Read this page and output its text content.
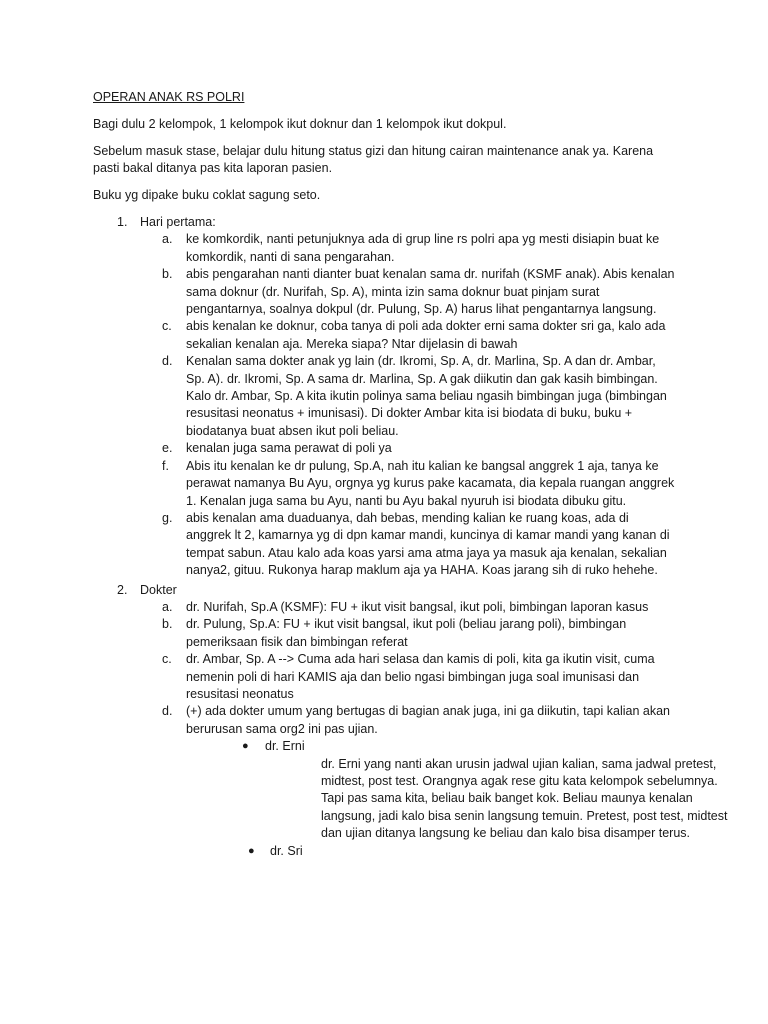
OPERAN ANAK RS POLRI

Bagi dulu 2 kelompok, 1 kelompok ikut doknur dan 1 kelompok ikut dokpul.

Sebelum masuk stase, belajar dulu hitung status gizi dan hitung cairan maintenance anak ya. Karena pasti bakal ditanya pas kita laporan pasien.

Buku yg dipake buku coklat sagung seto.

1. Hari pertama:
a. ke komkordik, nanti petunjuknya ada di grup line rs polri apa yg mesti disiapin buat ke komkordik, nanti di sana pengarahan.
b. abis pengarahan nanti dianter buat kenalan sama dr. nurifah (KSMF anak). Abis kenalan sama doknur (dr. Nurifah, Sp. A), minta izin sama doknur buat pinjam surat pengantarnya, soalnya dokpul (dr. Pulung, Sp. A) harus lihat pengantarnya langsung.
c. abis kenalan ke doknur, coba tanya di poli ada dokter erni sama dokter sri ga, kalo ada sekalian kenalan aja. Mereka siapa? Ntar dijelasin di bawah
d. Kenalan sama dokter anak yg lain (dr. Ikromi, Sp. A, dr. Marlina, Sp. A dan dr. Ambar, Sp. A). dr. Ikromi, Sp. A sama dr. Marlina, Sp. A gak diikutin dan gak kasih bimbingan. Kalo dr. Ambar, Sp. A kita ikutin polinya sama beliau ngasih bimbingan juga (bimbingan resusitasi neonatus + imunisasi). Di dokter Ambar kita isi biodata di buku, buku + biodatanya buat absen ikut poli beliau.
e. kenalan juga sama perawat di poli ya
f. Abis itu kenalan ke dr pulung, Sp.A, nah itu kalian ke bangsal anggrek 1 aja, tanya ke perawat namanya Bu Ayu, orgnya yg kurus pake kacamata, dia kepala ruangan anggrek 1. Kenalan juga sama bu Ayu, nanti bu Ayu bakal nyuruh isi biodata dibuku gitu.
g. abis kenalan ama duaduanya, dah bebas, mending kalian ke ruang koas, ada di anggrek lt 2, kamarnya yg di dpn kamar mandi, kuncinya di kamar mandi yang kanan di tempat sabun. Atau kalo ada koas yarsi ama atma jaya ya masuk aja kenalan, sekalian nanya2, gituu. Rukonya harap maklum aja ya HAHA. Koas jarang sih di ruko hehehe.
2. Dokter
a. dr. Nurifah, Sp.A (KSMF): FU + ikut visit bangsal, ikut poli, bimbingan laporan kasus
b. dr. Pulung, Sp.A: FU + ikut visit bangsal, ikut poli (beliau jarang poli), bimbingan pemeriksaan fisik dan bimbingan referat
c. dr. Ambar, Sp. A --> Cuma ada hari selasa dan kamis di poli, kita ga ikutin visit, cuma nemenin poli di hari KAMIS aja dan belio ngasi bimbingan juga soal imunisasi dan resusitasi neonatus
d. (+) ada dokter umum yang bertugas di bagian anak juga, ini ga diikutin, tapi kalian akan berurusan sama org2 ini pas ujian.
● dr. Erni
dr. Erni yang nanti akan urusin jadwal ujian kalian, sama jadwal pretest, midtest, post test. Orangnya agak rese gitu kata kelompok sebelumnya. Tapi pas sama kita, beliau baik banget kok. Beliau maunya kenalan langsung, jadi kalo bisa senin langsung temuin. Pretest, post test, midtest dan ujian ditanya langsung ke beliau dan kalo bisa disamper terus.
● dr. Sri
